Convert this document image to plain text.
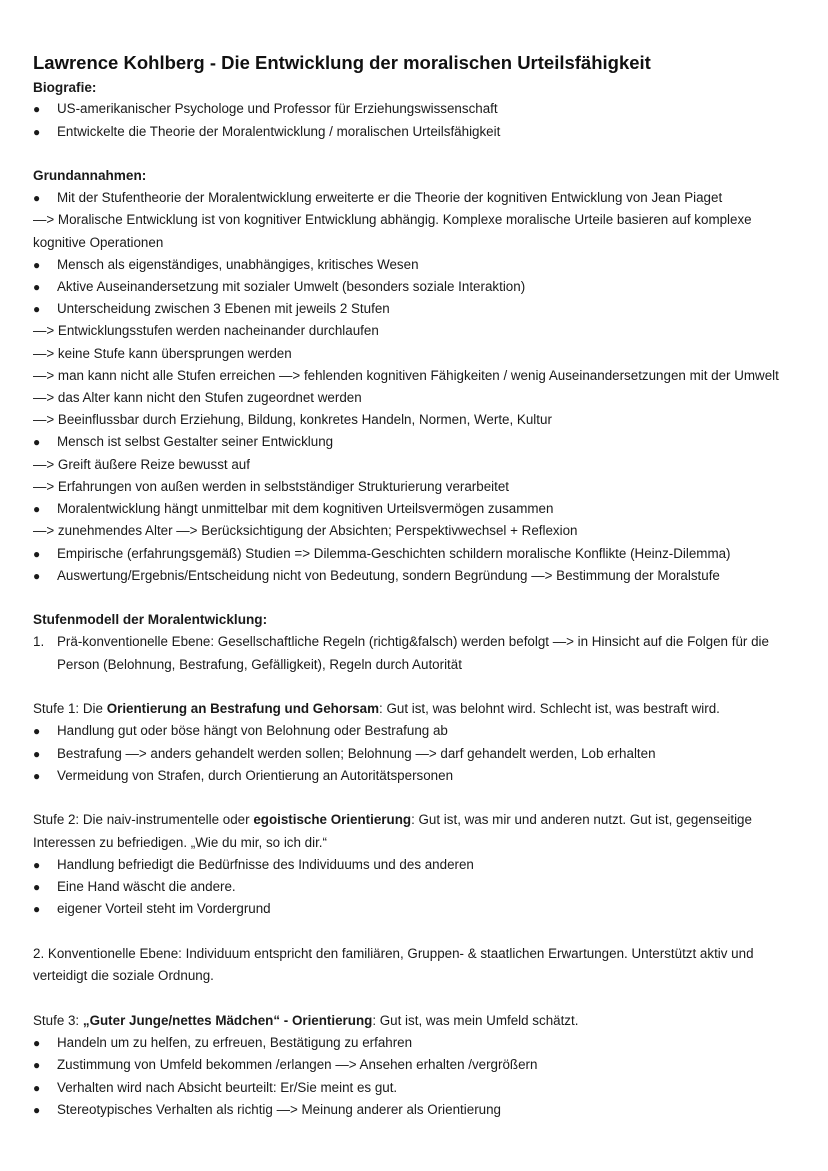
Lawrence Kohlberg - Die Entwicklung der moralischen Urteilsfähigkeit
Biografie:
●	US-amerikanischer Psychologe und Professor für Erziehungswissenschaft
●	Entwickelte die Theorie der Moralentwicklung / moralischen Urteilsfähigkeit
Grundannahmen:
●	Mit der Stufentheorie der Moralentwicklung erweiterte er die Theorie der kognitiven Entwicklung von Jean Piaget
—> Moralische Entwicklung ist von kognitiver Entwicklung abhängig. Komplexe moralische Urteile basieren auf komplexe
kognitive Operationen
●	Mensch als eigenständiges, unabhängiges, kritisches Wesen
●	Aktive Auseinandersetzung mit sozialer Umwelt (besonders soziale Interaktion)
●	Unterscheidung zwischen 3 Ebenen mit jeweils 2 Stufen
—> Entwicklungsstufen werden nacheinander durchlaufen
—> keine Stufe kann übersprungen werden
—> man kann nicht alle Stufen erreichen —> fehlenden kognitiven Fähigkeiten / wenig Auseinandersetzungen mit der Umwelt
—> das Alter kann nicht den Stufen zugeordnet werden
—> Beeinflussbar durch Erziehung, Bildung, konkretes Handeln, Normen, Werte, Kultur
●	Mensch ist selbst Gestalter seiner Entwicklung
—> Greift äußere Reize bewusst auf
—> Erfahrungen von außen werden in selbstständiger Strukturierung verarbeitet
●	Moralentwicklung hängt unmittelbar mit dem kognitiven Urteilsvermögen zusammen
—> zunehmendes Alter —> Berücksichtigung der Absichten; Perspektivwechsel + Reflexion
●	Empirische (erfahrungsgemäß) Studien => Dilemma-Geschichten schildern moralische Konflikte (Heinz-Dilemma)
●	Auswertung/Ergebnis/Entscheidung nicht von Bedeutung, sondern Begründung —> Bestimmung der Moralstufe
Stufenmodell der Moralentwicklung:
1. Prä-konventionelle Ebene: Gesellschaftliche Regeln (richtig&falsch) werden befolgt —> in Hinsicht auf die Folgen für die
Person (Belohnung, Bestrafung, Gefälligkeit), Regeln durch Autorität
Stufe 1: Die Orientierung an Bestrafung und Gehorsam: Gut ist, was belohnt wird. Schlecht ist, was bestraft wird.
●	Handlung gut oder böse hängt von Belohnung oder Bestrafung ab
●	Bestrafung —> anders gehandelt werden sollen; Belohnung —> darf gehandelt werden, Lob erhalten
●	Vermeidung von Strafen, durch Orientierung an Autoritätspersonen
Stufe 2: Die naiv-instrumentelle oder egoistische Orientierung: Gut ist, was mir und anderen nutzt. Gut ist, gegenseitige
Interessen zu befriedigen. „Wie du mir, so ich dir.“
●	Handlung befriedigt die Bedürfnisse des Individuums und des anderen
●	Eine Hand wäscht die andere.
●	eigener Vorteil steht im Vordergrund
2. Konventionelle Ebene: Individuum entspricht den familiären, Gruppen- & staatlichen Erwartungen. Unterstützt aktiv und
verteidigt die soziale Ordnung.
Stufe 3: „Guter Junge/nettes Mädchen“ - Orientierung: Gut ist, was mein Umfeld schätzt.
●	Handeln um zu helfen, zu erfreuen, Bestätigung zu erfahren
●	Zustimmung von Umfeld bekommen /erlangen —> Ansehen erhalten /vergrößern
●	Verhalten wird nach Absicht beurteilt: Er/Sie meint es gut.
●	Stereotypisches Verhalten als richtig —> Meinung anderer als Orientierung
